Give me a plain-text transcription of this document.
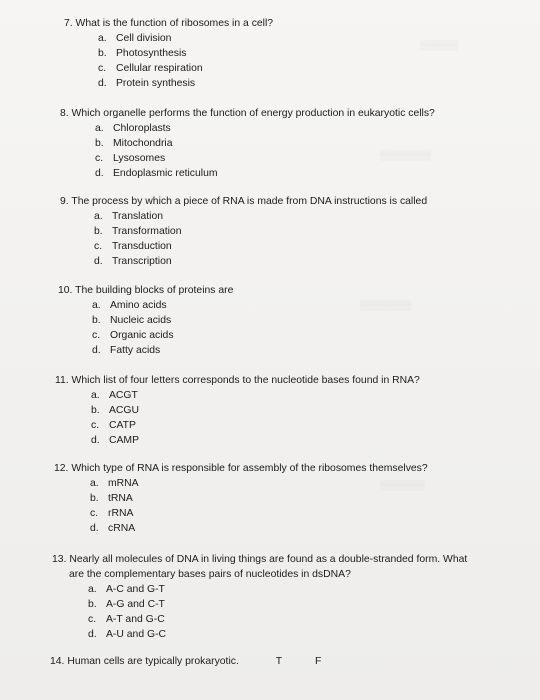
▒▒▒▒▒▒
▒▒▒▒▒▒▒▒
▒▒▒▒▒▒▒▒
▒▒▒▒▒▒▒
7. What is the function of ribosomes in a cell?
a. Cell division
b. Photosynthesis
c. Cellular respiration
d. Protein synthesis
8. Which organelle performs the function of energy production in eukaryotic cells?
a. Chloroplasts
b. Mitochondria
c. Lysosomes
d. Endoplasmic reticulum
9. The process by which a piece of RNA is made from DNA instructions is called
a. Translation
b. Transformation
c. Transduction
d. Transcription
10. The building blocks of proteins are
a. Amino acids
b. Nucleic acids
c. Organic acids
d. Fatty acids
11. Which list of four letters corresponds to the nucleotide bases found in RNA?
a. ACGT
b. ACGU
c. CATP
d. CAMP
12. Which type of RNA is responsible for assembly of the ribosomes themselves?
a. mRNA
b. tRNA
c. rRNA
d. cRNA
13. Nearly all molecules of DNA in living things are found as a double-stranded form. What
are the complementary bases pairs of nucleotides in dsDNA?
a. A-C and G-T
b. A-G and C-T
c. A-T and G-C
d. A-U and G-C
14. Human cells are typically prokaryotic.	T	F
